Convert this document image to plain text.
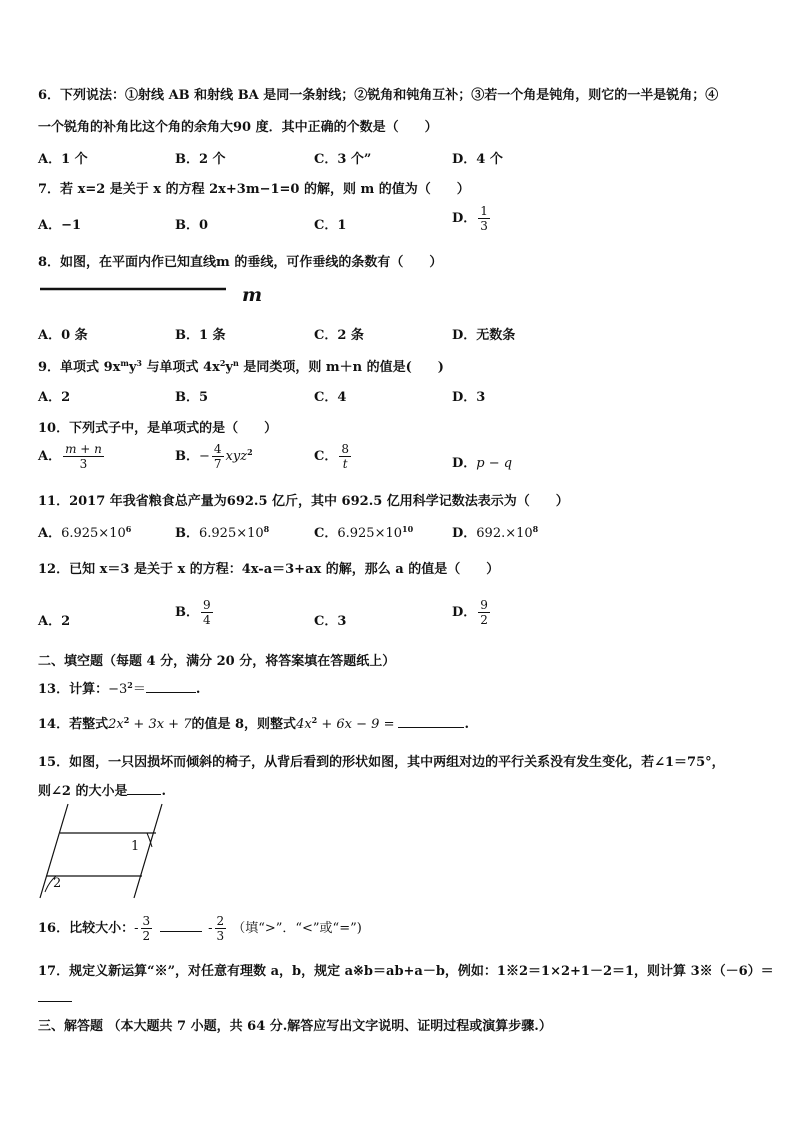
6．下列说法：①射线 AB 和射线 BA 是同一条射线；②锐角和钝角互补；③若一个角是钝角，则它的一半是锐角；④
一个锐角的补角比这个角的余角大90 度．其中正确的个数是（　　）
A．1 个	B．2 个	C．3 个”	D．4 个
7．若 x=2 是关于 x 的方程 2x+3m−1=0 的解，则 m 的值为（　　）
A．−1	B．0	C．1	D． $\frac{1}{3}$
8．如图，在平面内作已知直线m 的垂线，可作垂线的条数有（　　）
m
A．0 条	B．1 条	C．2 条	D．无数条
9．单项式 $9x^my^3$ 与单项式 $4x^2y^n$ 是同类项，则 m＋n 的值是(　　)
A．2	B．5	C．4	D．3
10．下列式子中，是单项式的是（　　）
A． $\frac{m + n}{3}$	B．− $\frac{4}{7} xyz^2$	C． $\frac{8}{t}$	D．p − q
11．2017 年我省粮食总产量为692.5 亿斤，其中 692.5 亿用科学记数法表示为（　　）
A．$6.925\times 10^6$	B．$6.925\times 10^8$	C．$6.925\times 10^{10}$	D．$692.\times 10^8$
12．已知 x＝3 是关于 x 的方程：4x-a＝3+ax 的解，那么 a 的值是（　　）
A．2
B． $\frac{9}{4}$	C．3
D． $\frac{9}{2}$
二、填空题（每题 4 分，满分 20 分，将答案填在答题纸上）
13．计算：$-3^2=$	.
14．若整式$2x^2 + 3x + 7$的值是 8，则整式$4x^2 + 6x - 9$ =	.
15．如图，一只因损坏而倾斜的椅子，从背后看到的形状如图，其中两组对边的平行关系没有发生变化，若∠1＝75°，
则∠2 的大小是	.
1
2
16．比较大小：- $\frac{3}{2}$	- $\frac{2}{3}$ （填“>”．“<”或“=”)
17．规定义新运算“※”，对任意有理数 a，b，规定 a※b＝ab+a－b，例如：1※2＝1×2+1－2＝1，则计算 3※（－6）＝
三、解答题 （本大题共 7 小题，共 64 分.解答应写出文字说明、证明过程或演算步骤.）
